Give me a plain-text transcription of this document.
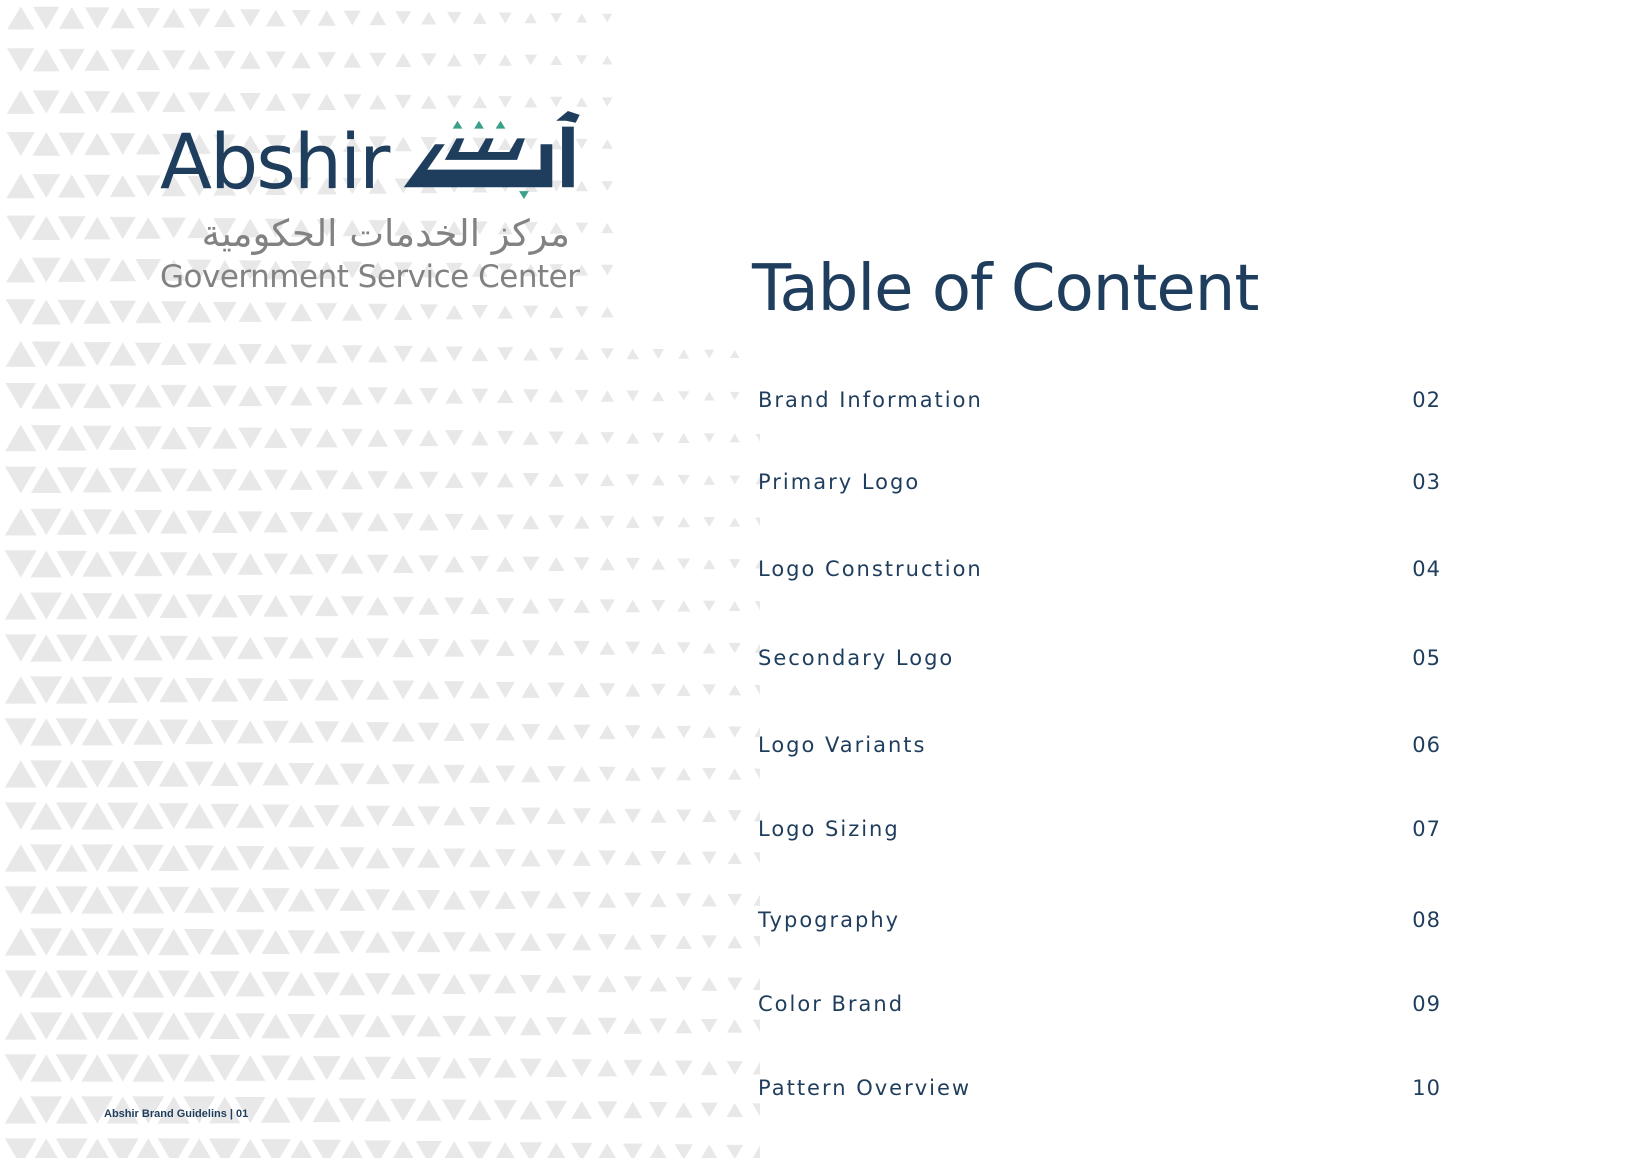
Abshir
مركز الخدمات الحكومية
Government Service Center	Table of Content
Brand Information	02
Primary Logo	03
Logo Construction	04
Secondary Logo	05
Logo Variants	06
Logo Sizing	07
Typography	08
Color Brand	09
Pattern Overview	10
Abshir Brand Guidelins | 01
